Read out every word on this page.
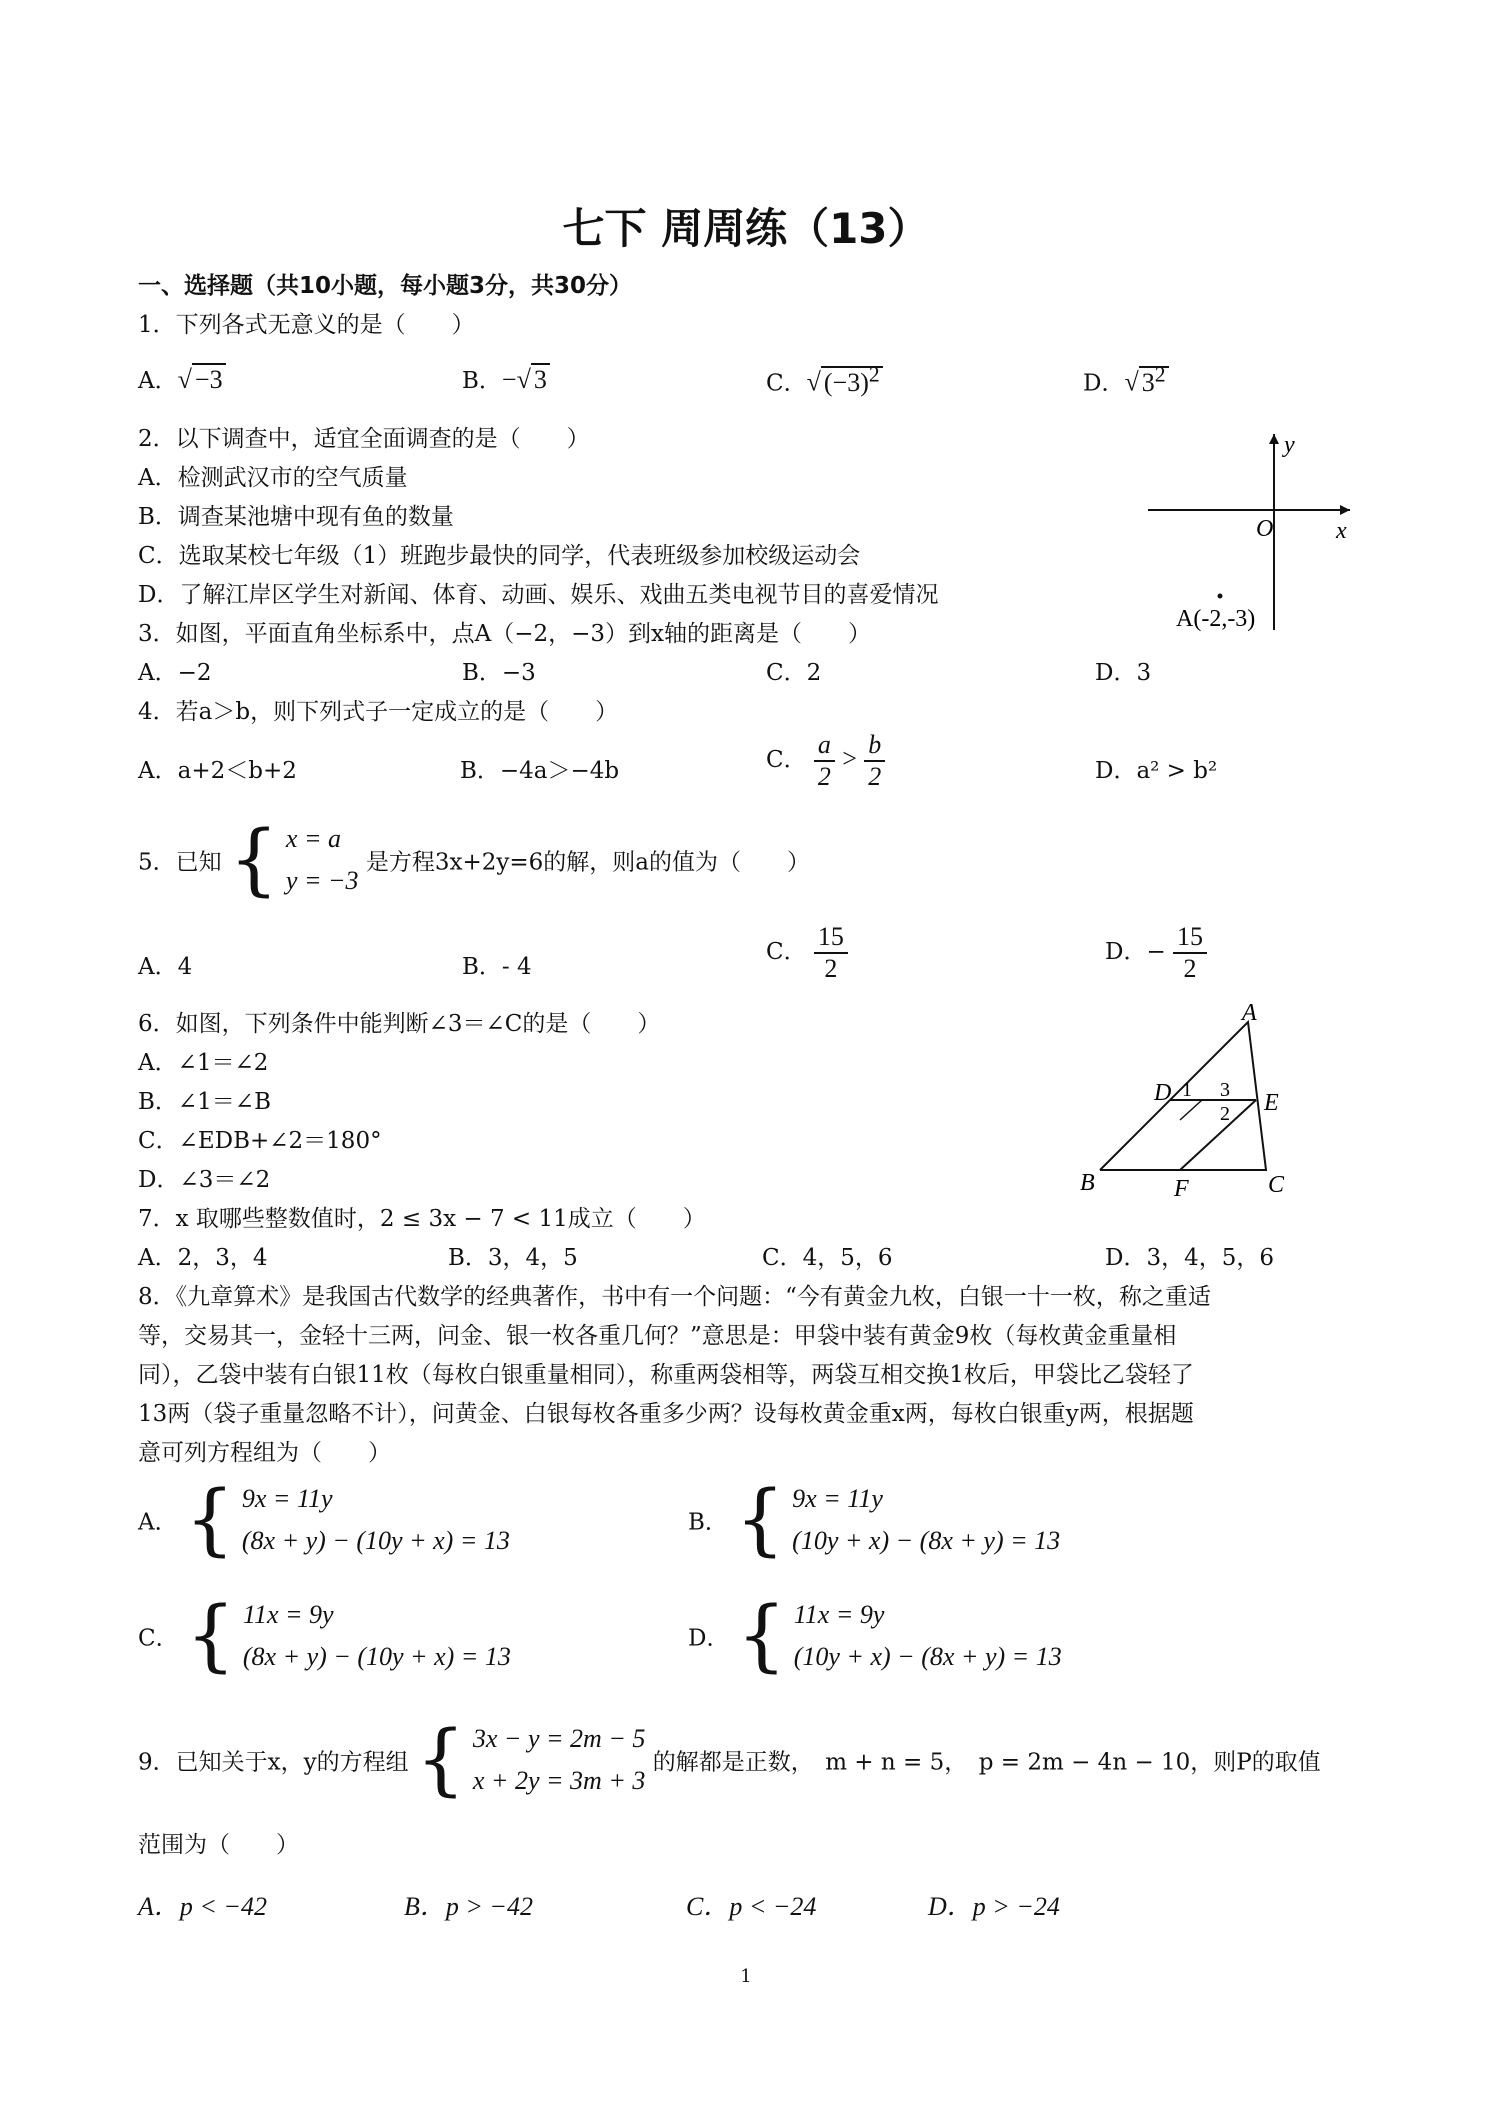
七下 周周练（13）
一、选择题（共10小题，每小题3分，共30分）
1．下列各式无意义的是（　　）
A．√ −3	B．−√ 3	C．√ $(-3)^2$	D．√ $3^2$
2．以下调查中，适宜全面调查的是（　　）
A．检测武汉市的空气质量
B．调查某池塘中现有鱼的数量
C．选取某校七年级（1）班跑步最快的同学，代表班级参加校级运动会
D．了解江岸区学生对新闻、体育、动画、娱乐、戏曲五类电视节目的喜爱情况
y
x
O
A(-2,-3)
3．如图，平面直角坐标系中，点A（−2，−3）到x轴的距离是（　　）
A．−2	B．−3	C．2	D．3
4．若a＞b，则下列式子一定成立的是（　　）
A．a+2＜b+2	B．−4a＞−4b	C． $\frac{a}{2} > \frac{b}{2}$	D．a² > b²
5．已知 { x = a
y = −3
是方程3x+2y=6的解，则a的值为（　　）
A．4	B．- 4
C． $\frac{15}{2}$	D．− $\frac{15}{2}$
6．如图，下列条件中能判断∠3＝∠C的是（　　）
A．∠1＝∠2
B．∠1＝∠B
C．∠EDB+∠2＝180°
D．∠3＝∠2
A
B	C
D	E
F
1 3
2
7．x 取哪些整数值时，2 ≤ 3x − 7 < 11成立（　　）
A．2，3，4	B．3，4，5	C．4，5，6	D．3，4，5，6
8．《九章算术》是我国古代数学的经典著作，书中有一个问题：“今有黄金九枚，白银一十一枚，称之重适
等，交易其一，金轻十三两，问金、银一枚各重几何？”意思是：甲袋中装有黄金9枚（每枚黄金重量相
同），乙袋中装有白银11枚（每枚白银重量相同），称重两袋相等，两袋互相交换1枚后，甲袋比乙袋轻了
13两（袋子重量忽略不计），问黄金、白银每枚各重多少两？设每枚黄金重x两，每枚白银重y两，根据题
意可列方程组为（　　）
A． { 9x = 11y
(8x + y) − (10y + x) = 13
B． { 9x = 11y
(10y + x) − (8x + y) = 13
C． { 11x = 9y
(8x + y) − (10y + x) = 13
D． { 11x = 9y
(10y + x) − (8x + y) = 13
9．已知关于x，y的方程组 { 3x − y = 2m − 5
x + 2y = 3m + 3
的解都是正数，　m + n = 5，　p = 2m − 4n − 10，则P的取值
范围为（　　）
A．p < −42	B．p > −42	C．p < −24	D．p > −24
1
